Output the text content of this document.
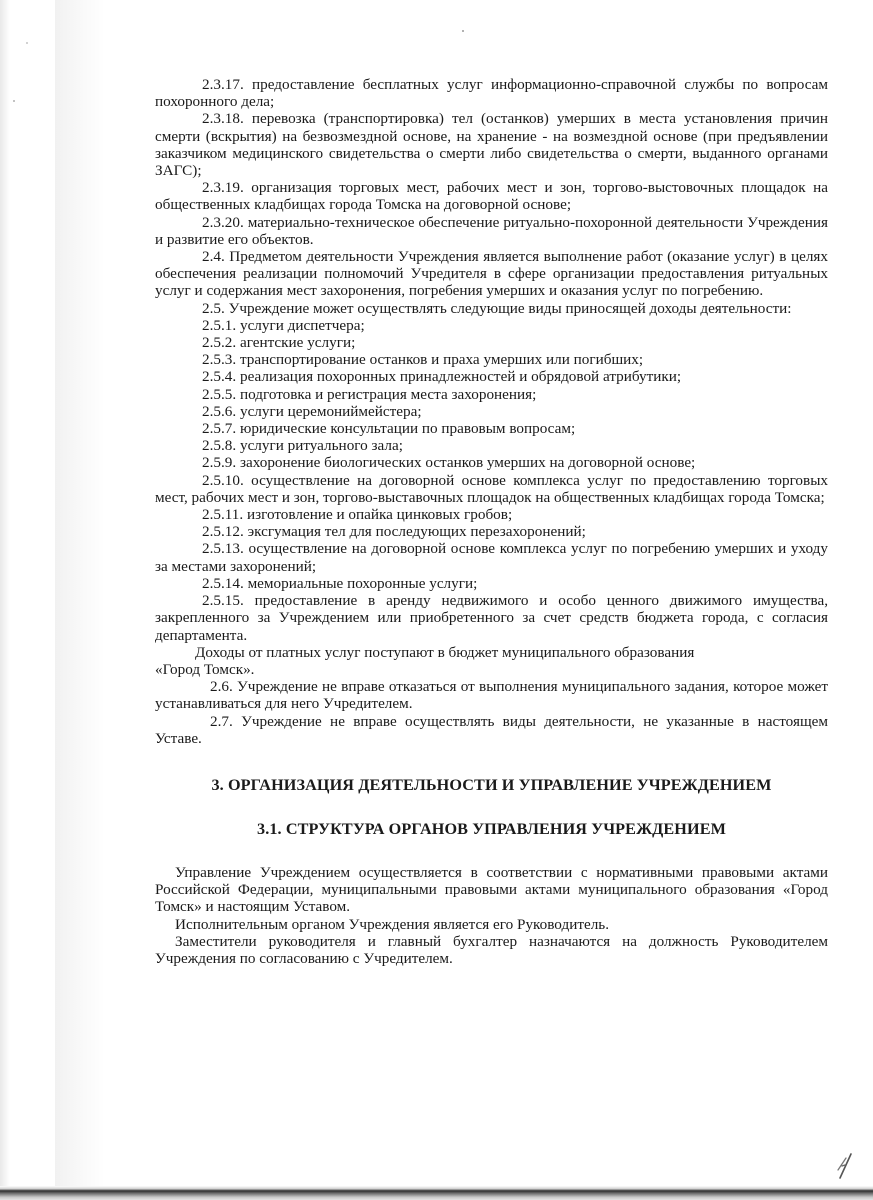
2.3.17. предоставление бесплатных услуг информационно-справочной службы по вопросам похоронного дела;

2.3.18. перевозка (транспортировка) тел (останков) умерших в места установления причин смерти (вскрытия) на безвозмездной основе, на хранение - на возмездной основе (при предъявлении заказчиком медицинского свидетельства о смерти либо свидетельства о смерти, выданного органами ЗАГС);

2.3.19. организация торговых мест, рабочих мест и зон, торгово-выстовочных площадок на общественных кладбищах города Томска на договорной основе;

2.3.20. материально-техническое обеспечение ритуально-похоронной деятельности Учреждения и развитие его объектов.

2.4. Предметом деятельности Учреждения является выполнение работ (оказание услуг) в целях обеспечения реализации полномочий Учредителя в сфере организации предоставления ритуальных услуг и содержания мест захоронения, погребения умерших и оказания услуг по погребению.

2.5. Учреждение может осуществлять следующие виды приносящей доходы деятельности:

2.5.1. услуги диспетчера;

2.5.2. агентские услуги;

2.5.3. транспортирование останков и праха умерших или погибших;

2.5.4. реализация похоронных принадлежностей и обрядовой атрибутики;

2.5.5. подготовка и регистрация места захоронения;

2.5.6. услуги церемониймейстера;

2.5.7. юридические консультации по правовым вопросам;

2.5.8. услуги ритуального зала;

2.5.9. захоронение биологических останков умерших на договорной основе;

2.5.10. осуществление на договорной основе комплекса услуг по предоставлению торговых мест, рабочих мест и зон, торгово-выставочных площадок на общественных кладбищах города Томска;

2.5.11. изготовление и опайка цинковых гробов;

2.5.12. эксгумация тел для последующих перезахоронений;

2.5.13. осуществление на договорной основе комплекса услуг по погребению умерших и уходу за местами захоронений;

2.5.14. мемориальные похоронные услуги;

2.5.15. предоставление в аренду недвижимого и особо ценного движимого имущества, закрепленного за Учреждением или приобретенного за счет средств бюджета города, с согласия департамента.

Доходы от платных услуг поступают в бюджет муниципального образования

«Город Томск».

2.6. Учреждение не вправе отказаться от выполнения муниципального задания, которое может устанавливаться для него Учредителем.

2.7. Учреждение не вправе осуществлять виды деятельности, не указанные в настоящем Уставе.

3. ОРГАНИЗАЦИЯ ДЕЯТЕЛЬНОСТИ И УПРАВЛЕНИЕ УЧРЕЖДЕНИЕМ
3.1. СТРУКТУРА ОРГАНОВ УПРАВЛЕНИЯ УЧРЕЖДЕНИЕМ

Управление Учреждением осуществляется в соответствии с нормативными правовыми актами Российской Федерации, муниципальными правовыми актами муниципального образования «Город Томск» и настоящим Уставом.

Исполнительным органом Учреждения является его Руководитель.

Заместители руководителя и главный бухгалтер назначаются на должность Руководителем Учреждения по согласованию с Учредителем.
